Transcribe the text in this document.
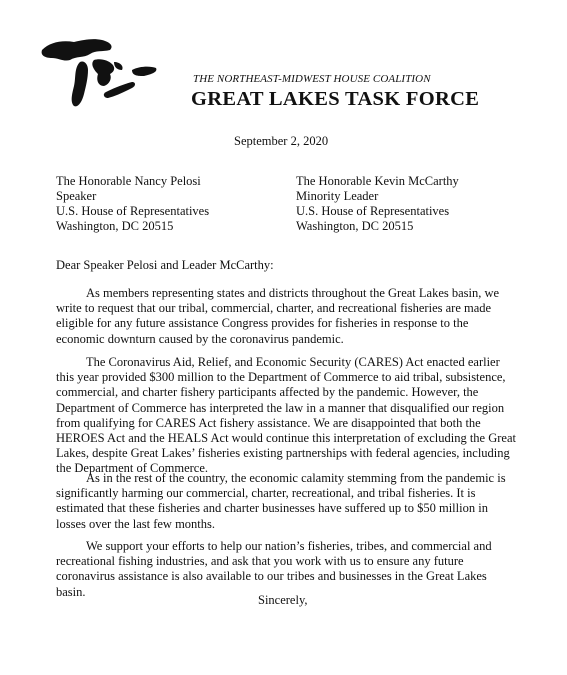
THE NORTHEAST-MIDWEST HOUSE COALITION
GREAT LAKES TASK FORCE
September 2, 2020
The Honorable Nancy Pelosi
Speaker
U.S. House of Representatives
Washington, DC 20515
The Honorable Kevin McCarthy
Minority Leader
U.S. House of Representatives
Washington, DC 20515
Dear Speaker Pelosi and Leader McCarthy:

As members representing states and districts throughout the Great Lakes basin, we write to request that our tribal, commercial, charter, and recreational fisheries are made eligible for any future assistance Congress provides for fisheries in response to the economic downturn caused by the coronavirus pandemic.

The Coronavirus Aid, Relief, and Economic Security (CARES) Act enacted earlier this year provided $300 million to the Department of Commerce to aid tribal, subsistence, commercial, and charter fishery participants affected by the pandemic. However, the Department of Commerce has interpreted the law in a manner that disqualified our region from qualifying for CARES Act fishery assistance. We are disappointed that both the HEROES Act and the HEALS Act would continue this interpretation of excluding the Great Lakes, despite Great Lakes’ fisheries existing partnerships with federal agencies, including the Department of Commerce.

As in the rest of the country, the economic calamity stemming from the pandemic is significantly harming our commercial, charter, recreational, and tribal fisheries. It is estimated that these fisheries and charter businesses have suffered up to $50 million in losses over the last few months.

We support your efforts to help our nation’s fisheries, tribes, and commercial and recreational fishing industries, and ask that you work with us to ensure any future coronavirus assistance is also available to our tribes and businesses in the Great Lakes basin.

Sincerely,
